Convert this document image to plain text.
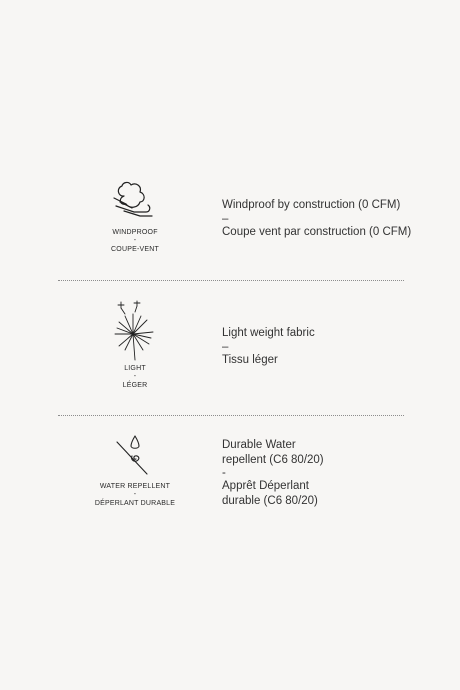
WINDPROOF
-
COUPE-VENT
Windproof by construction (0 CFM)
–
Coupe vent par construction (0 CFM)
LIGHT
-
LÉGER
Light weight fabric
–
Tissu léger
WATER REPELLENT
-
DÉPERLANT DURABLE
Durable Water
repellent (C6 80/20)
-
Apprêt Déperlant
durable (C6 80/20)
